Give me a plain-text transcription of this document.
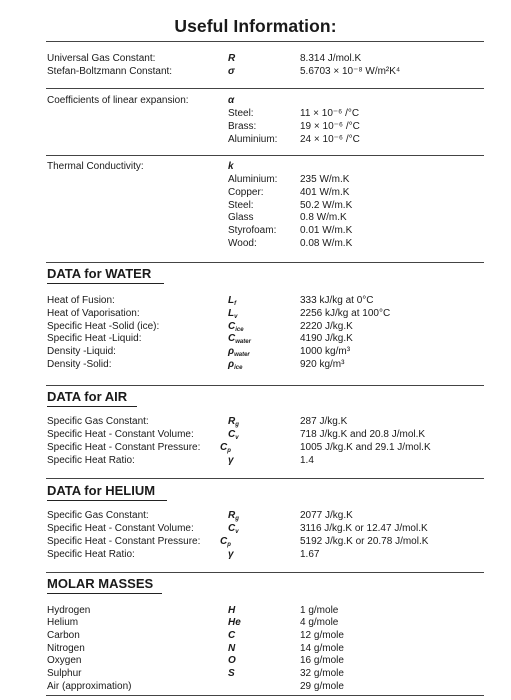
Useful Information:
Universal Gas Constant:	R	8.314 J/mol.K
Stefan-Boltzmann Constant:	σ	5.6703 × 10⁻⁸ W/m²K⁴
Coefficients of linear expansion:	α
Steel:	11 × 10⁻⁶ /°C
Brass:	19 × 10⁻⁶ /°C
Aluminium: 24 × 10⁻⁶ /°C
Thermal Conductivity:	k
Aluminium: 235 W/m.K
Copper:	401 W/m.K
Steel:	50.2 W/m.K
Glass	0.8 W/m.K
Styrofoam: 0.01 W/m.K
Wood:	0.08 W/m.K
DATA for WATER
Heat of Fusion:	$L_f$	333 kJ/kg at 0°C
Heat of Vaporisation:	$L_v$	2256 kJ/kg at 100°C
Specific Heat -Solid (ice):	$C_{ice}$	2220 J/kg.K
Specific Heat -Liquid:	$C_{water}$	4190 J/kg.K
Density -Liquid:	$\rho_{water}$	1000 kg/m³
Density -Solid:	$\rho_{ice}$	920 kg/m³
DATA for AIR
Specific Gas Constant:	$R_g$	287 J/kg.K
Specific Heat - Constant Volume:	$C_v$	718 J/kg.K and 20.8 J/mol.K
Specific Heat - Constant Pressure: $C_p$	1005 J/kg.K and 29.1 J/mol.K
Specific Heat Ratio:	γ	1.4
DATA for HELIUM
Specific Gas Constant:	$R_g$	2077 J/kg.K
Specific Heat - Constant Volume:	$C_v$	3116 J/kg.K or 12.47 J/mol.K
Specific Heat - Constant Pressure: $C_p$	5192 J/kg.K or 20.78 J/mol.K
Specific Heat Ratio:	γ	1.67
MOLAR MASSES
Hydrogen	H	1 g/mole
Helium	He	4 g/mole
Carbon	C	12 g/mole
Nitrogen	N	14 g/mole
Oxygen	O	16 g/mole
Sulphur	S	32 g/mole
Air (approximation)	29 g/mole
